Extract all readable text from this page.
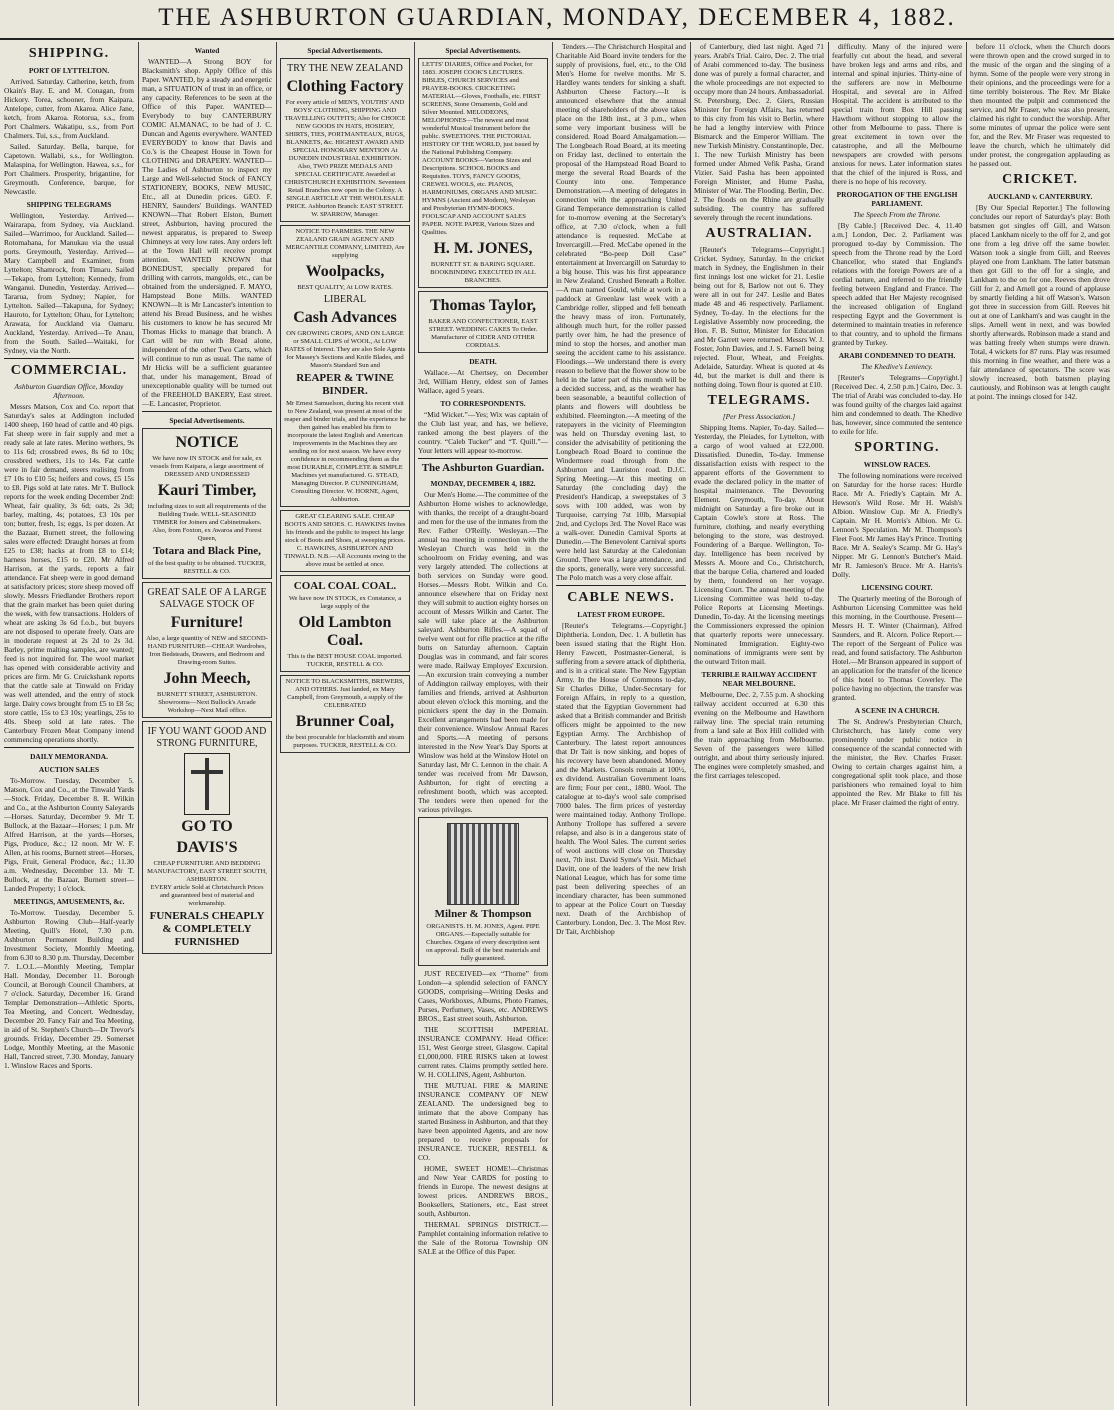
THE ASHBURTON GUARDIAN, MONDAY, DECEMBER 4, 1882.
SHIPPING.
PORT OF LYTTELTON.

Arrived. Saturday. Catherine, ketch, from Okain's Bay. E. and M. Conagan, from Hickory. Torea, schooner, from Kaipara. Antelope, cutter, from Akaroa. Alice Jane, ketch, from Akaroa. Rotorua, s.s., from Port Chalmers. Wakatipu, s.s., from Port Chalmers. Tui, s.s., from Auckland.

Sailed. Saturday. Bella, barque, for Capetown. Wallabi, s.s., for Wellington. Malaspina, for Wellington. Hawea, s.s., for Port Chalmers. Prosperity, brigantine, for Greymouth. Conference, barque, for Newcastle.

SHIPPING TELEGRAMS

Wellington, Yesterday. Arrived—Wairarapa, from Sydney, via Auckland. Sailed—Warrimoo, for Auckland. Sailed—Rotomahana, for Manukau via the usual ports. Greymouth, Yesterday. Arrived—Mary Campbell and Examiner, from Lyttelton; Shamrock, from Timaru. Sailed—Tekapo, from Lyttelton; Kennedy, from Wanganui. Dunedin, Yesterday. Arrived—Tararua, from Sydney; Napier, for Lyttelton. Sailed—Takapuna, for Sydney; Hauroto, for Lyttelton; Ohau, for Lyttelton; Arawata, for Auckland via Oamaru. Auckland, Yesterday. Arrived—Te Anau, from the South. Sailed—Waitaki, for Sydney, via the North.

COMMERCIAL.
Ashburton Guardian Office, Monday Afternoon.

Messrs Matson, Cox and Co. report that Saturday's sales at Addington included 1400 sheep, 160 head of cattle and 40 pigs. Fat sheep were in fair supply and met a ready sale at late rates. Merino wethers, 9s to 11s 6d; crossbred ewes, 8s 6d to 10s; crossbred wethers, 11s to 14s. Fat cattle were in fair demand, steers realising from £7 10s to £10 5s; heifers and cows, £5 15s to £8. Pigs sold at late rates. Mr T. Bullock reports for the week ending December 2nd: Wheat, fair quality, 3s 6d; oats, 2s 3d; barley, malting, 4s; potatoes, £3 10s per ton; butter, fresh, 1s; eggs, 1s per dozen. At the Bazaar, Burnett street, the following sales were effected: Draught horses at from £25 to £38; hacks at from £8 to £14; harness horses, £15 to £20. Mr Alfred Harrison, at the yards, reports a fair attendance. Fat sheep were in good demand at satisfactory prices; store sheep moved off slowly. Messrs Friedlander Brothers report that the grain market has been quiet during the week, with few transactions. Holders of wheat are asking 3s 6d f.o.b., but buyers are not disposed to operate freely. Oats are in moderate request at 2s 2d to 2s 3d. Barley, prime malting samples, are wanted; feed is not inquired for. The wool market has opened with considerable activity and prices are firm. Mr G. Cruickshank reports that the cattle sale at Tinwald on Friday was well attended, and the entry of stock large. Dairy cows brought from £5 to £8 5s; store cattle, 15s to £3 10s; yearlings, 25s to 40s. Sheep sold at late rates. The Canterbury Frozen Meat Company intend commencing operations shortly.

DAILY MEMORANDA.
AUCTION SALES

To-Morrow. Tuesday, December 5. Matson, Cox and Co., at the Tinwald Yards—Stock. Friday, December 8. R. Wilkin and Co., at the Ashburton County Saleyards—Horses. Saturday, December 9. Mr T. Bullock, at the Bazaar—Horses; 1 p.m. Mr Alfred Harrison, at the yards—Horses, Pigs, Produce, &c.; 12 noon. Mr W. F. Allen, at his rooms, Burnett street—Horses, Pigs, Fruit, General Produce, &c.; 11.30 a.m. Wednesday, December 13. Mr T. Bullock, at the Bazaar, Burnett street—Landed Property; 1 o'clock.

MEETINGS, AMUSEMENTS, &c.

To-Morrow. Tuesday, December 5. Ashburton Rowing Club—Half-yearly Meeting, Quill's Hotel, 7.30 p.m. Ashburton Permanent Building and Investment Society, Monthly Meeting, from 6.30 to 8.30 p.m. Thursday, December 7. L.O.L.—Monthly Meeting, Templar Hall. Monday, December 11. Borough Council, at Borough Council Chambers, at 7 o'clock. Saturday, December 16. Grand Templar Demonstration—Athletic Sports, Tea Meeting, and Concert. Wednesday, December 20. Fancy Fair and Tea Meeting, in aid of St. Stephen's Church—Dr Trevor's grounds. Friday, December 29. Somerset Lodge, Monthly Meeting, at the Masonic Hall, Tancred street, 7.30. Monday, January 1. Winslow Races and Sports.

Wanted

WANTED—A Strong BOY for Blacksmith's shop. Apply Office of this Paper. WANTED, by a steady and energetic man, a SITUATION of trust in an office, or any capacity. References to be seen at the Office of this Paper. WANTED—Everybody to buy CANTERBURY COMIC ALMANAC, to be had of J. C. Duncan and Agents everywhere. WANTED EVERYBODY to know that Davis and Co.'s is the Cheapest House in Town for CLOTHING and DRAPERY. WANTED—The Ladies of Ashburton to inspect my Large and Well-selected Stock of FANCY STATIONERY, BOOKS, NEW MUSIC, Etc., all at Dunedin prices. GEO. F. HENRY, Saunders' Buildings. WANTED KNOWN—That Robert Elston, Burnett street, Ashburton, having procured the newest apparatus, is prepared to Sweep Chimneys at very low rates. Any orders left at the Town Hall will receive prompt attention. WANTED KNOWN that BONEDUST, specially prepared for drilling with carrots, mangolds, etc., can be obtained from the undersigned. F. MAYO, Hampstead Bone Mills. WANTED KNOWN—It is Mr Lancaster's intention to attend his Bread Business, and he wishes his customers to know he has secured Mr Thomas Hicks to manage that branch. A Cart will be run with Bread alone, independent of the other Two Carts, which will continue to run as usual. The name of Mr Hicks will be a sufficient guarantee that, under his management, Bread of unexceptionable quality will be turned out of the FREEHOLD BAKERY, East street.—E. Lancaster, Proprietor.

Special Advertisements.
NOTICE
We have now IN STOCK and for sale, ex vessels from Kaipara, a large assortment of DRESSED AND UNDRESSED
Kauri Timber,
including sizes to suit all requirements of the Building Trade. WELL-SEASONED TIMBER for Joiners and Cabinetmakers. Also, from Foxton, ex Awaroa and Forest Queen,
Totara and Black Pine,
of the best quality to be obtained. TUCKER, RESTELL & CO.
GREAT SALE OF A LARGE SALVAGE STOCK OF
Furniture!
Also, a large quantity of NEW and SECOND-HAND FURNITURE—CHEAP. Wardrobes, Iron Bedsteads, Drawers, and Bedroom and Drawing-room Suites.
John Meech,
BURNETT STREET, ASHBURTON. Showrooms—Next Bullock's Arcade Workshop—Next Mail office.
IF YOU WANT GOOD AND STRONG FURNITURE,
GO TO
DAVIS'S
CHEAP FURNITURE AND BEDDING MANUFACTORY, EAST STREET SOUTH, ASHBURTON.
EVERY article Sold at Christchurch Prices and guaranteed best of material and workmanship.
FUNERALS CHEAPLY & COMPLETELY FURNISHED
Special Advertisements.
TRY THE NEW ZEALAND
Clothing Factory
For every article of MEN'S, YOUTHS' AND BOYS' CLOTHING, SHIPPING AND TRAVELLING OUTFITS; Also for CHOICE NEW GOODS IN HATS, HOSIERY, SHIRTS, TIES, PORTMANTEAUX, RUGS, BLANKETS, &c. HIGHEST AWARD AND SPECIAL HONORARY MENTION At DUNEDIN INDUSTRIAL EXHIBITION. Also, TWO PRIZE MEDALS AND SPECIAL CERTIFICATE Awarded at CHRISTCHURCH EXHIBITION. Seventeen Retail Branches now open in the Colony. A SINGLE ARTICLE AT THE WHOLESALE PRICE. Ashburton Branch: EAST STREET. W. SPARROW, Manager.
NOTICE TO FARMERS. THE NEW ZEALAND GRAIN AGENCY AND MERCANTILE COMPANY, LIMITED, Are supplying
Woolpacks,
BEST QUALITY, At LOW RATES.
LIBERAL
Cash Advances
ON GROWING CROPS, AND ON LARGE or SMALL CLIPS of WOOL, At LOW RATES of Interest. They are also Sole Agents for Massey's Sections and Knife Blades, and Mason's Standard Sun and
REAPER & TWINE BINDER.
Mr Ernest Samuelson, during his recent visit to New Zealand, was present at most of the reaper and binder trials, and the experience he then gained has enabled his firm to incorporate the latest English and American improvements in the Machines they are sending on for next season. We have every confidence in recommending them as the most DURABLE, COMPLETE & SIMPLE Machines yet manufactured. G. STEAD, Managing Director. P. CUNNINGHAM, Consulting Director. W. HORNE, Agent, Ashburton.
GREAT CLEARING SALE. CHEAP BOOTS AND SHOES. C. HAWKINS Invites his friends and the public to inspect his large stock of Boots and Shoes, at sweeping prices. C. HAWKINS, ASHBURTON AND TINWALD. N.B.—All Accounts owing to the above must be settled at once.
COAL COAL COAL.
We have now IN STOCK, ex Constance, a large supply of the
Old Lambton Coal.
This is the BEST HOUSE COAL imported. TUCKER, RESTELL & CO.
NOTICE TO BLACKSMITHS, BREWERS, AND OTHERS. Just landed, ex Mary Campbell, from Greymouth, a supply of the CELEBRATED
Brunner Coal,
the best procurable for blacksmith and steam purposes. TUCKER, RESTELL & CO.
Special Advertisements.
LETTS' DIARIES, Office and Pocket, for 1883. JOSEPH COOK'S LECTURES. BIBLES, CHURCH SERVICES and PRAYER-BOOKS. CRICKETING MATERIAL—Gloves, Footballs, etc. FIRST SCREENS, Stone Ornaments, Gold and Silver Mounted. MELODEONS, MELOPHONES—The newest and most wonderful Musical Instrument before the public. SWEETIONS. THE PICTORIAL HISTORY OF THE WORLD, just issued by the National Publishing Company. ACCOUNT BOOKS—Various Sizes and Descriptions. SCHOOL BOOKS and Requisites. TOYS, FANCY GOODS, CREWEL WOOLS, etc. PIANOS, HARMONIUMS, ORGANS AND MUSIC. HYMNS (Ancient and Modern), Wesleyan and Presbyterian HYMN-BOOKS. FOOLSCAP AND ACCOUNT SALES PAPER. NOTE PAPER, Various Sizes and Qualities.
H. M. JONES,
BURNETT ST. & BARING SQUARE. BOOKBINDING EXECUTED IN ALL BRANCHES.
Thomas Taylor,
BAKER AND CONFECTIONER, EAST STREET. WEDDING CAKES To Order. Manufacturer of CIDER AND OTHER CORDIALS.
DEATH.

Wallace.—At Chertsey, on December 3rd, William Henry, eldest son of James Wallace, aged 5 years.

TO CORRESPONDENTS.

“Mid Wicket.”—Yes; Wix was captain of the Club last year, and has, we believe, ranked among the best players of the country. “Caleb Tucker” and “T. Quill.”—Your letters will appear to-morrow.

The Ashburton Guardian.
MONDAY, DECEMBER 4, 1882.

Our Men's Home.—The committee of the Ashburton Home wishes to acknowledge, with thanks, the receipt of a draught-board and men for the use of the inmates from the Rev. Father O'Reilly. Wesleyan.—The annual tea meeting in connection with the Wesleyan Church was held in the schoolroom on Friday evening, and was very largely attended. The collections at both services on Sunday were good. Horses.—Messrs Robt. Wilkin and Co. announce elsewhere that on Friday next they will submit to auction eighty horses on account of Messrs Wilkin and Carter. The sale will take place at the Ashburton saleyard. Ashburton Rifles.—A squad of twelve went out for rifle practice at the rifle butts on Saturday afternoon. Captain Douglas was in command, and fair scores were made. Railway Employes' Excursion.—An excursion train conveying a number of Addington railway employes, with their families and friends, arrived at Ashburton about eleven o'clock this morning, and the picnickers spent the day in the Domain. Excellent arrangements had been made for their convenience. Winslow Annual Races and Sports.—A meeting of persons interested in the New Year's Day Sports at Winslow was held at the Winslow Hotel on Saturday last, Mr C. Lennon in the chair. A tender was received from Mr Dawson, Ashburton, for right of erecting a refreshment booth, which was accepted. The tenders were then opened for the various privileges.

Milner & Thompson
ORGANISTS. H. M. JONES, Agent. PIPE ORGANS.—Especially suitable for Churches. Organs of every description sent on approval. Built of the best materials and fully guaranteed.

JUST RECEIVED—ex “Thorne” from London—a splendid selection of FANCY GOODS, comprising—Writing Desks and Cases, Workboxes, Albums, Photo Frames, Purses, Perfumery, Vases, etc. ANDREWS BROS., East street south, Ashburton.

THE SCOTTISH IMPERIAL INSURANCE COMPANY. Head Office: 151, West George street, Glasgow. Capital £1,000,000. FIRE RISKS taken at lowest current rates. Claims promptly settled here. W. H. COLLINS, Agent, Ashburton.

THE MUTUAL FIRE & MARINE INSURANCE COMPANY OF NEW ZEALAND. The undersigned beg to intimate that the above Company has started Business in Ashburton, and that they have been appointed Agents, and are now prepared to receive proposals for INSURANCE. TUCKER, RESTELL & CO.

HOME, SWEET HOME!—Christmas and New Year CARDS for posting to friends in Europe. The newest designs at lowest prices. ANDREWS BROS., Booksellers, Stationers, etc., East street south, Ashburton.

THERMAL SPRINGS DISTRICT.—Pamphlet containing information relative to the Sale of the Rotorua Township ON SALE at the Office of this Paper.

Tenders.—The Christchurch Hospital and Charitable Aid Board invite tenders for the supply of provisions, fuel, etc., to the Old Men's Home for twelve months. Mr S. Hardley wants tenders for sinking a shaft. Ashburton Cheese Factory.—It is announced elsewhere that the annual meeting of shareholders of the above takes place on the 18th inst., at 3 p.m., when some very important business will be considered. Road Board Amalgamation.—The Longbeach Road Board, at its meeting on Friday last, declined to entertain the proposal of the Hampstead Road Board to merge the several Road Boards of the County into one. Temperance Demonstration.—A meeting of delegates in connection with the approaching United Grand Temperance demonstration is called for to-morrow evening at the Secretary's office, at 7.30 o'clock, when a full attendance is requested. McCabe at Invercargill.—Fred. McCabe opened in the celebrated “Bo-peep Doll Case” entertainment at Invercargill on Saturday to a big house. This was his first appearance in New Zealand. Crushed Beneath a Roller.—A man named Gould, while at work in a paddock at Greenlaw last week with a Cambridge roller, slipped and fell beneath the heavy mass of iron. Fortunately, although much hurt, for the roller passed partly over him, he had the presence of mind to stop the horses, and another man seeing the accident came to his assistance. Floodings.—We understand there is every reason to believe that the flower show to be held in the latter part of this month will be a decided success, and, as the weather has been seasonable, a beautiful collection of plants and flowers will doubtless be exhibited. Fleemington.—A meeting of the ratepayers in the vicinity of Fleemington was held on Thursday evening last, to consider the advisability of petitioning the Longbeach Road Board to continue the Windermere road through from the Ashburton and Lauriston road. D.J.C. Spring Meeting.—At this meeting on Saturday (the concluding day) the President's Handicap, a sweepstakes of 3 sovs with 100 added, was won by Turquoise, carrying 7st 10lb, Marsupial 2nd, and Cyclops 3rd. The Novel Race was a walk-over. Dunedin Carnival Sports at Dunedin.—The Benevolent Carnival sports were held last Saturday at the Caledonian Ground. There was a large attendance, and the sports, generally, were very successful. The Polo match was a very close affair.

CABLE NEWS.
LATEST FROM EUROPE.

[Reuter's Telegrams.—Copyright.] Diphtheria. London, Dec. 1. A bulletin has been issued stating that the Right Hon. Henry Fawcett, Postmaster-General, is suffering from a severe attack of diphtheria, and is in a critical state. The New Egyptian Army. In the House of Commons to-day, Sir Charles Dilke, Under-Secretary for Foreign Affairs, in reply to a question, stated that the Egyptian Government had asked that a British commander and British officers might be appointed to the new Egyptian Army. The Archbishop of Canterbury. The latest report announces that Dr Tait is now sinking, and hopes of his recovery have been abandoned. Money and the Markets. Consols remain at 100½, ex dividend. Australian Government loans are firm; Four per cent., 1880. Wool. The catalogue at to-day's wool sale comprised 7000 bales. The firm prices of yesterday were maintained today. Anthony Trollope. Anthony Trollope has suffered a severe relapse, and also is in a dangerous state of health. The Wool Sales. The current series of wool auctions will close on Thursday next, 7th inst. David Syme's Visit. Michael Davitt, one of the leaders of the new Irish National League, which has for some time past been delivering speeches of an incendiary character, has been summoned to appear at the Police Court on Tuesday next. Death of the Archbishop of Canterbury. London, Dec. 3. The Most Rev. Dr Tait, Archbishop

of Canterbury, died last night. Aged 71 years. Arabi's Trial. Cairo, Dec. 2. The trial of Arabi commenced to-day. The business done was of purely a formal character, and the whole proceedings are not expected to occupy more than 24 hours. Ambassadorial. St. Petersburg, Dec. 2. Giers, Russian Minister for Foreign Affairs, has returned to this city from his visit to Berlin, where he had a lengthy interview with Prince Bismarck and the Emperor William. The new Turkish Ministry. Constantinople, Dec. 1. The new Turkish Ministry has been formed under Ahmed Vefik Pasha, Grand Vizier. Said Pasha has been appointed Foreign Minister, and Hume Pasha, Minister of War. The Flooding. Berlin, Dec. 2. The floods on the Rhine are gradually subsiding. The country has suffered severely through the recent inundations.

AUSTRALIAN.

[Reuter's Telegrams—Copyright.] Cricket. Sydney, Saturday. In the cricket match in Sydney, the Englishmen in their first innings lost one wicket for 21. Leslie being out for 8, Barlow not out 6. They were all in out for 247. Leslie and Bates made 48 and 46 respectively. Parliament. Sydney, To-day. In the elections for the Legislative Assembly now proceeding, the Hon. F. B. Suttor, Minister for Education and Mr Garrett were returned. Messrs W. J. Foster, John Davies, and J. S. Farnell being rejected. Flour, Wheat, and Freights. Adelaide, Saturday. Wheat is quoted at 4s 4d, but the market is dull and there is nothing doing. Town flour is quoted at £10.

TELEGRAMS.
[Per Press Association.]

Shipping Items. Napier, To-day. Sailed—Yesterday, the Pleiades, for Lyttelton, with a cargo of wool valued at £22,000. Dissatisfied. Dunedin, To-day. Immense dissatisfaction exists with respect to the apparent efforts of the Government to evade the declared policy in the matter of hospital maintenance. The Devouring Element. Greymouth, To-day. About midnight on Saturday a fire broke out in Captain Cowle's store at Ross. The furniture, clothing, and nearly everything belonging to the store, was destroyed. Foundering of a Barque. Wellington, To-day. Intelligence has been received by Messrs A. Moore and Co., Christchurch, that the barque Celia, chartered and loaded by them, foundered on her voyage. Licensing Court. The annual meeting of the Licensing Committee was held to-day. Police Reports at Licensing Meetings. Dunedin, To-day. At the licensing meetings the Commissioners expressed the opinion that quarterly reports were unnecessary. Nominated Immigration. Eighty-two nominations of immigrants were sent by the outward Triton mail.

TERRIBLE RAILWAY ACCIDENT NEAR MELBOURNE.

Melbourne, Dec. 2, 7.55 p.m. A shocking railway accident occurred at 6.30 this evening on the Melbourne and Hawthorn railway line. The special train returning from a land sale at Box Hill collided with the train approaching from Melbourne. Seven of the passengers were killed outright, and about thirty seriously injured. The engines were completely smashed, and the first carriages telescoped.

difficulty. Many of the injured were fearfully cut about the head, and several have broken legs and arms and ribs, and internal and spinal injuries. Thirty-nine of the sufferers are now in Melbourne Hospital, and several are in Alfred Hospital. The accident is attributed to the special train from Box Hill passing Hawthorn without stopping to allow the other from Melbourne to pass. There is great excitement in town over the catastrophe, and all the Melbourne newspapers are crowded with persons anxious for news. Later information states that the chief of the injured is Ross, and there is no hope of his recovery.

PROROGATION OF THE ENGLISH PARLIAMENT.
The Speech From the Throne.

[By Cable.] [Received Dec. 4, 11.40 a.m.] London, Dec. 2. Parliament was prorogued to-day by Commission. The speech from the Throne read by the Lord Chancellor, who stated that England's relations with the foreign Powers are of a cordial nature, and referred to the friendly feeling between England and France. The speech added that Her Majesty recognised the increased obligation of England respecting Egypt and the Government is determined to maintain treaties in reference to that country, and to uphold the firmans granted by Turkey.

ARABI CONDEMNED TO DEATH.
The Khedive's Leniency.

[Reuter's Telegrams—Copyright.] [Received Dec. 4, 2.50 p.m.] Cairo, Dec. 3. The trial of Arabi was concluded to-day. He was found guilty of the charges laid against him and condemned to death. The Khedive has, however, since commuted the sentence to exile for life.

SPORTING.
WINSLOW RACES.

The following nominations were received on Saturday for the horse races: Hurdle Race. Mr A. Friedly's Captain. Mr A. Hewson's Wild Rose. Mr H. Walsh's Albion. Winslow Cup. Mr A. Friedly's Captain. Mr H. Morris's Albion. Mr G. Lennon's Speculation. Mr M. Thompson's Fleet Foot. Mr James Hay's Prince. Trotting Race. Mr A. Sealey's Scamp. Mr G. Hay's Nipper. Mr G. Lennon's Butcher's Maid. Mr R. Jamieson's Bruce. Mr A. Harris's Dolly.

LICENSING COURT.

The Quarterly meeting of the Borough of Ashburton Licensing Committee was held this morning, in the Courthouse. Present—Messrs H. T. Winter (Chairman), Alfred Saunders, and R. Alcorn. Police Report.—The report of the Sergeant of Police was read, and found satisfactory. The Ashburton Hotel.—Mr Branson appeared in support of an application for the transfer of the licence of this hotel to Thomas Coverley. The police having no objection, the transfer was granted.

A SCENE IN A CHURCH.

The St. Andrew's Presbyterian Church, Christchurch, has lately come very prominently under public notice in consequence of the scandal connected with the minister, the Rev. Charles Fraser. Owing to certain charges against him, a congregational split took place, and those parishioners who remained loyal to him appointed the Rev. Mr Blake to fill his place. Mr Fraser claimed the right of entry.

before 11 o'clock, when the Church doors were thrown open and the crowd surged in to the music of the organ and the singing of a hymn. Some of the people were very strong in their opinions, and the proceedings were for a time terribly boisterous. The Rev. Mr Blake then mounted the pulpit and commenced the service, and Mr Fraser, who was also present, claimed his right to conduct the worship. After some minutes of uproar the police were sent for, and the Rev. Mr Fraser was requested to leave the church, which he ultimately did under protest, the congregation applauding as he passed out.

CRICKET.
AUCKLAND v. CANTERBURY.

[By Our Special Reporter.] The following concludes our report of Saturday's play: Both batsmen got singles off Gill, and Watson placed Lankham nicely to the off for 2, and got one from a leg drive off the same bowler. Watson took a single from Gill, and Reeves played one from Lankham. The latter batsman then got Gill to the off for a single, and Lankham to the on for one. Reeves then drove Gill for 2, and Arnell got a round of applause by smartly fielding a hit off Watson's. Watson got three in succession from Gill. Reeves hit out at one of Lankham's and was caught in the slips. Arnell went in next, and was bowled shortly afterwards. Robinson made a stand and was batting freely when stumps were drawn. Total, 4 wickets for 87 runs. Play was resumed this morning in fine weather, and there was a fair attendance of spectators. The score was slowly increased, both batsmen playing cautiously, and Robinson was at length caught at point. The innings closed for 142.
